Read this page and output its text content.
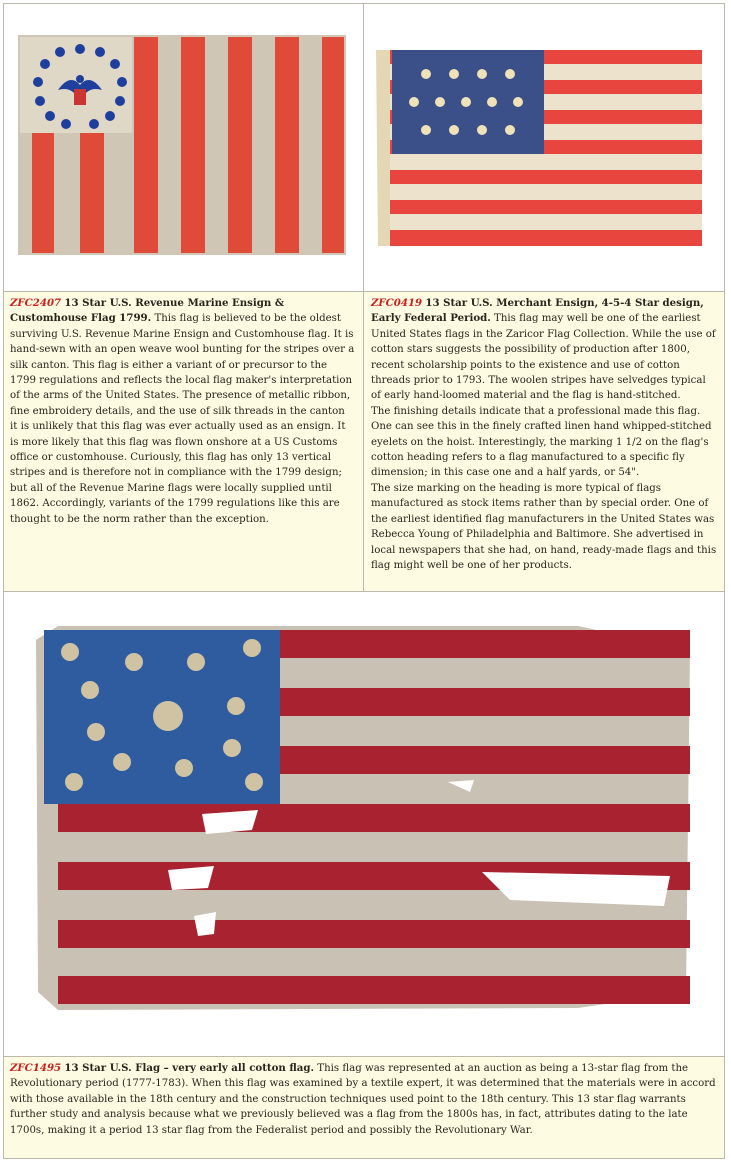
ZFC2407 13 Star U.S. Revenue Marine Ensign & Customhouse Flag 1799. This flag is believed to be the oldest surviving U.S. Revenue Marine Ensign and Customhouse flag. It is hand-sewn with an open weave wool bunting for the stripes over a silk canton. This flag is either a variant of or precursor to the 1799 regulations and reflects the local flag maker's interpretation of the arms of the United States. The presence of metallic ribbon, fine embroidery details, and the use of silk threads in the canton it is unlikely that this flag was ever actually used as an ensign. It is more likely that this flag was flown onshore at a US Customs office or customhouse. Curiously, this flag has only 13 vertical stripes and is therefore not in compliance with the 1799 design; but all of the Revenue Marine flags were locally supplied until 1862. Accordingly, variants of the 1799 regulations like this are thought to be the norm rather than the exception.

ZFC0419 13 Star U.S. Merchant Ensign, 4-5-4 Star design, Early Federal Period. This flag may well be one of the earliest United States flags in the Zaricor Flag Collection. While the use of cotton stars suggests the possibility of production after 1800, recent scholarship points to the existence and use of cotton threads prior to 1793. The woolen stripes have selvedges typical of early hand-loomed material and the flag is hand-stitched.
The finishing details indicate that a professional made this flag. One can see this in the finely crafted linen hand whipped-stitched eyelets on the hoist. Interestingly, the marking 1 1/2 on the flag's cotton heading refers to a flag manufactured to a specific fly dimension; in this case one and a half yards, or 54".
The size marking on the heading is more typical of flags manufactured as stock items rather than by special order. One of the earliest identified flag manufacturers in the United States was Rebecca Young of Philadelphia and Baltimore. She advertised in local newspapers that she had, on hand, ready-made flags and this flag might well be one of her products.

ZFC1495 13 Star U.S. Flag – very early all cotton flag. This flag was represented at an auction as being a 13-star flag from the Revolutionary period (1777-1783). When this flag was examined by a textile expert, it was determined that the materials were in accord with those available in the 18th century and the construction techniques used point to the 18th century. This 13 star flag warrants further study and analysis because what we previously believed was a flag from the 1800s has, in fact, attributes dating to the late 1700s, making it a period 13 star flag from the Federalist period and possibly the Revolutionary War.
